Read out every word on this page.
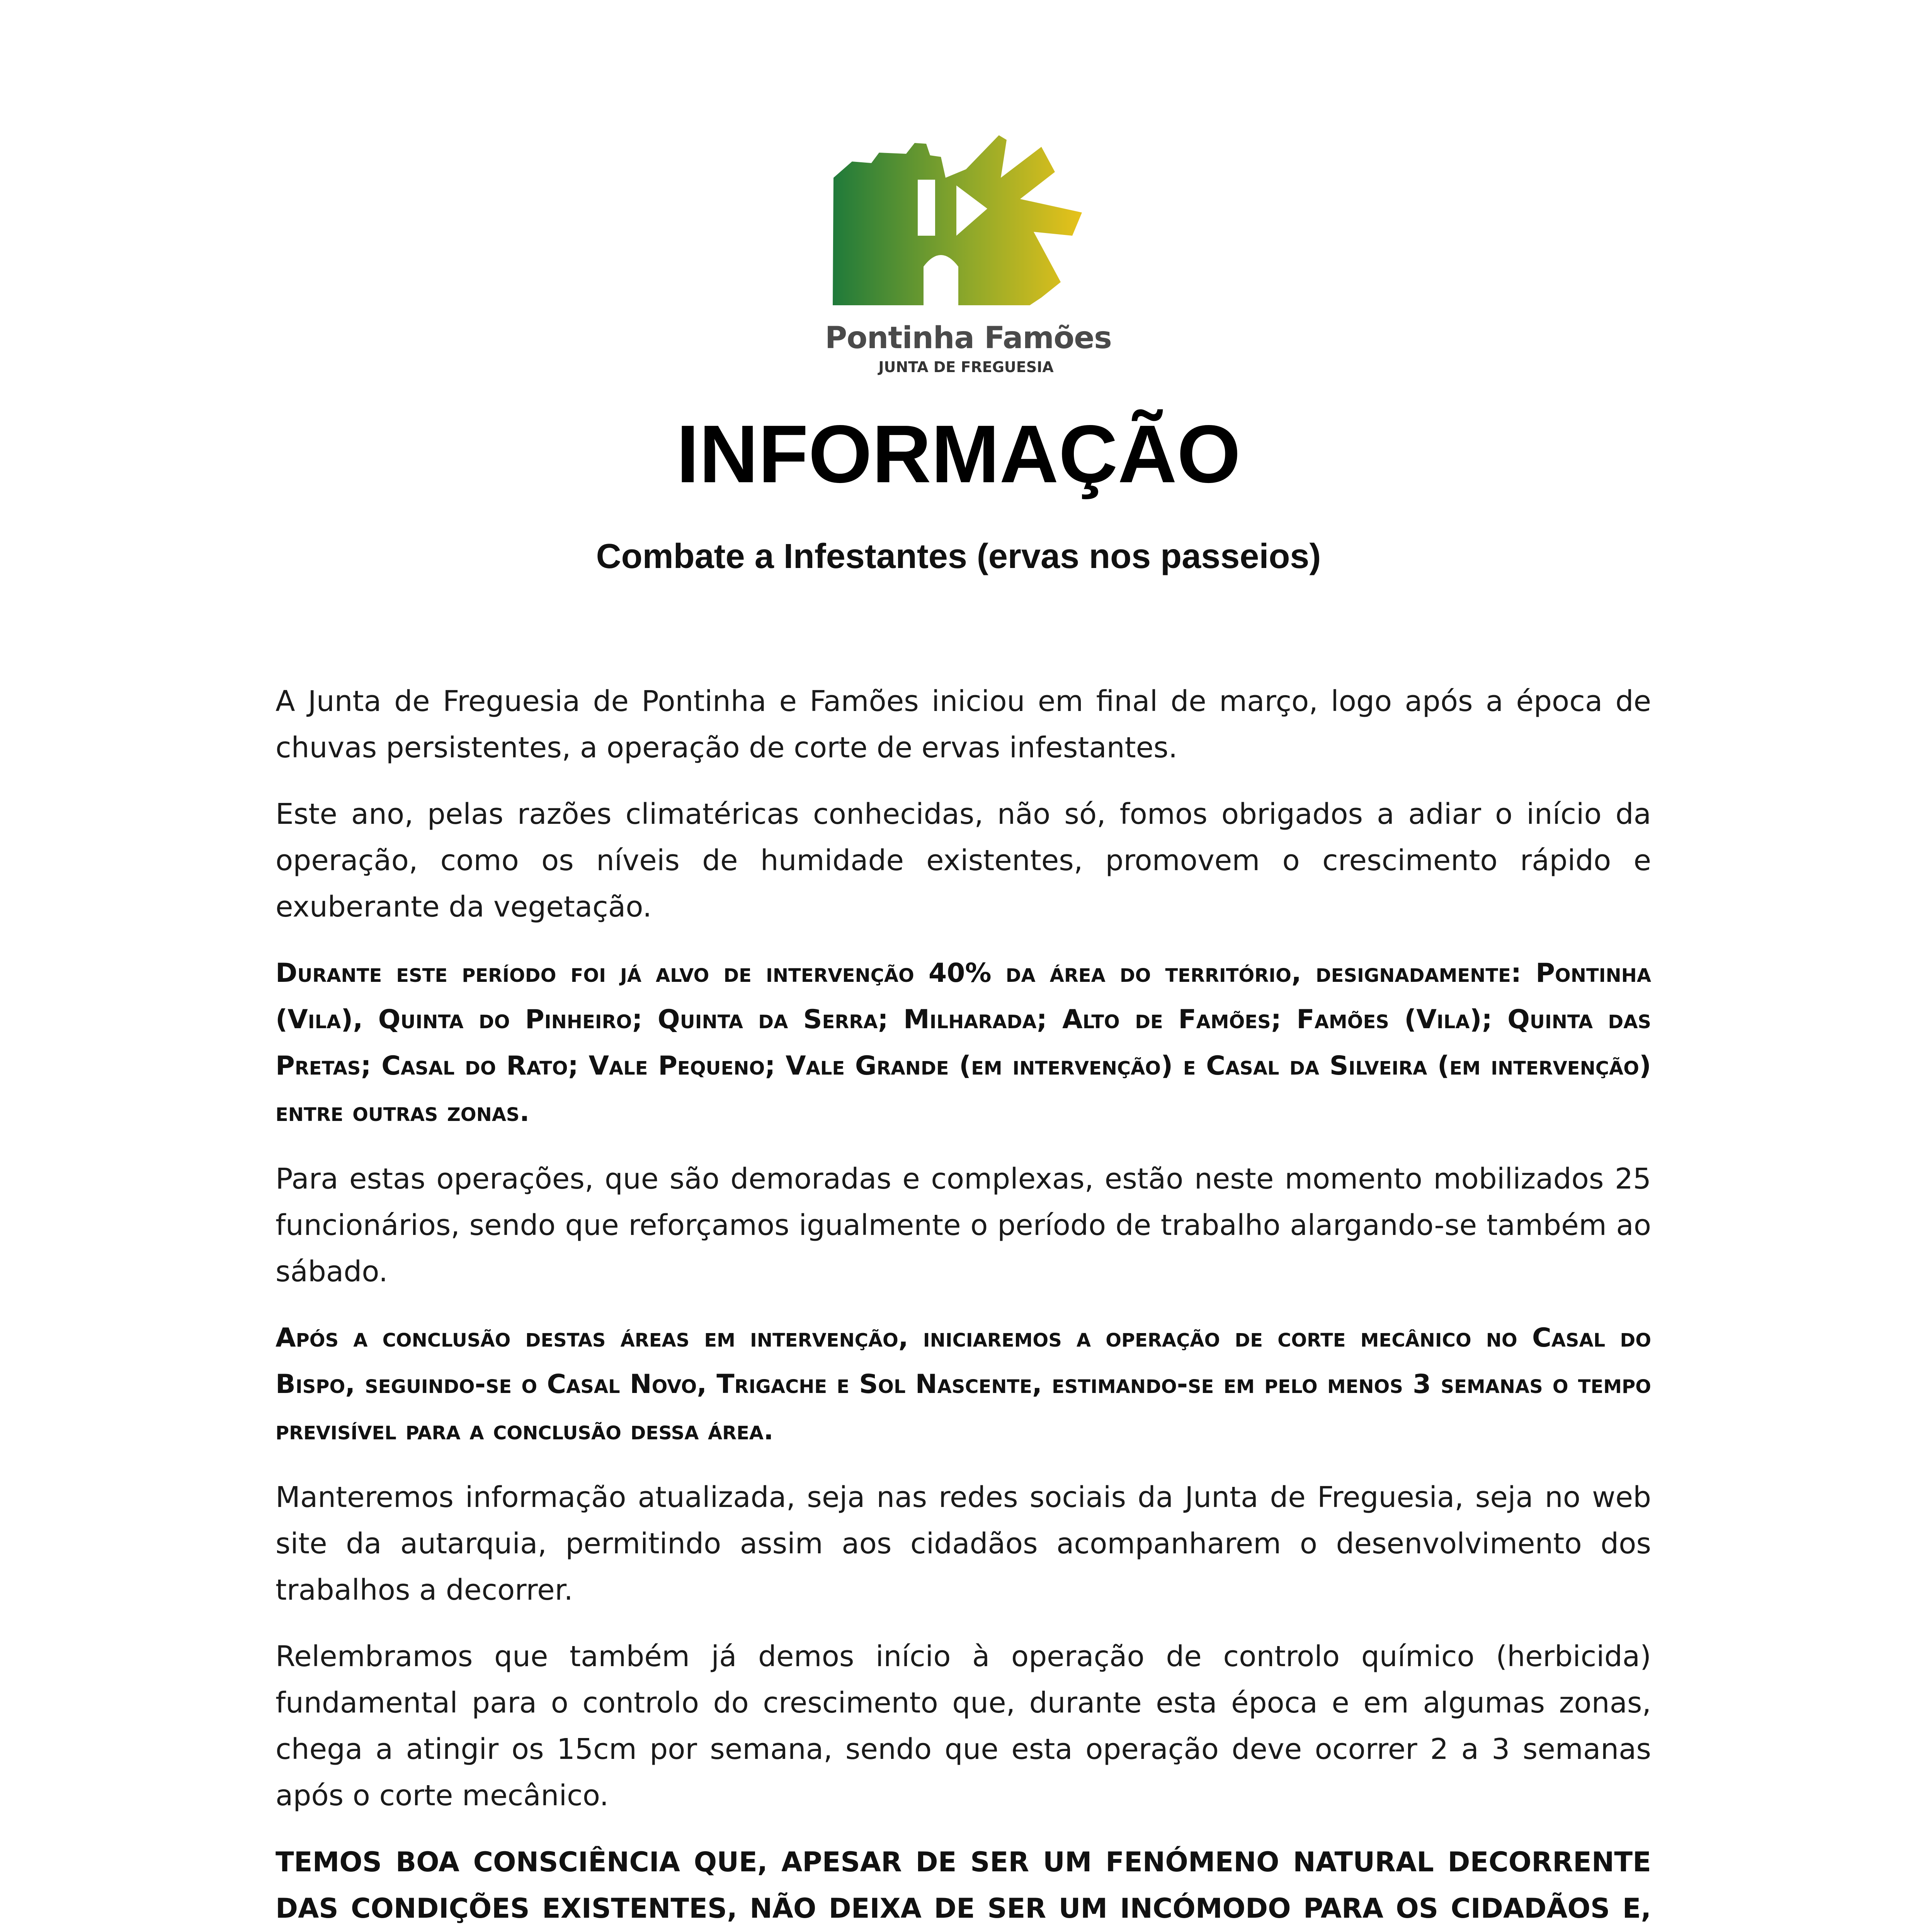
Pontinha Famões
JUNTA DE FREGUESIA
INFORMAÇÃO
Combate a Infestantes (ervas nos passeios)

A Junta de Freguesia de Pontinha e Famões iniciou em final de março, logo após a época de chuvas persistentes, a operação de corte de ervas infestantes.

Este ano, pelas razões climatéricas conhecidas, não só, fomos obrigados a adiar o início da operação, como os níveis de humidade existentes, promovem o crescimento rápido e exuberante da vegetação.

Durante este período foi já alvo de intervenção 40% da área do território, designadamente: Pontinha (Vila), Quinta do Pinheiro; Quinta da Serra; Milharada; Alto de Famões; Famões (Vila); Quinta das Pretas; Casal do Rato; Vale Pequeno; Vale Grande (em intervenção) e Casal da Silveira (em intervenção) entre outras zonas.

Para estas operações, que são demoradas e complexas, estão neste momento mobilizados 25 funcionários, sendo que reforçamos igualmente o período de trabalho alargando-se também ao sábado.

Após a conclusão destas áreas em intervenção, iniciaremos a operação de corte mecânico no Casal do Bispo, seguindo-se o Casal Novo, Trigache e Sol Nascente, estimando-se em pelo menos 3 semanas o tempo previsível para a conclusão dessa área.

Manteremos informação atualizada, seja nas redes sociais da Junta de Freguesia, seja no web site da autarquia, permitindo assim aos cidadãos acompanharem o desenvolvimento dos trabalhos a decorrer.

Relembramos que também já demos início à operação de controlo químico (herbicida) fundamental para o controlo do crescimento que, durante esta época e em algumas zonas, chega a atingir os 15cm por semana, sendo que esta operação deve ocorrer 2 a 3 semanas após o corte mecânico.

TEMOS BOA CONSCIÊNCIA QUE, APESAR DE SER UM FENÓMENO NATURAL DECORRENTE DAS CONDIÇÕES EXISTENTES, NÃO DEIXA DE SER UM INCÓMODO PARA OS CIDADÃOS E,
